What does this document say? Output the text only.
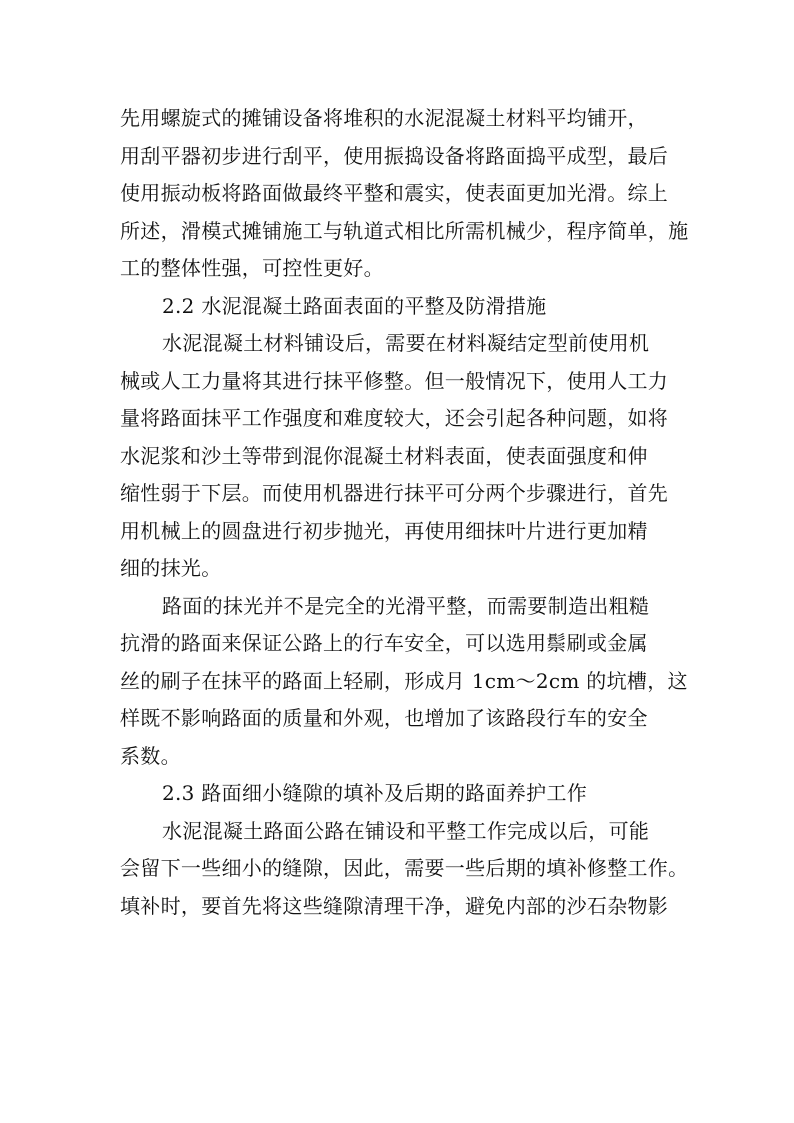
先用螺旋式的摊铺设备将堆积的水泥混凝土材料平均铺开，
用刮平器初步进行刮平，使用振捣设备将路面捣平成型，最后
使用振动板将路面做最终平整和震实，使表面更加光滑。综上
所述，滑模式摊铺施工与轨道式相比所需机械少，程序简单，施
工的整体性强，可控性更好。
2.2 水泥混凝土路面表面的平整及防滑措施
水泥混凝土材料铺设后，需要在材料凝结定型前使用机
械或人工力量将其进行抹平修整。但一般情况下，使用人工力
量将路面抹平工作强度和难度较大，还会引起各种问题，如将
水泥浆和沙土等带到混你混凝土材料表面，使表面强度和伸
缩性弱于下层。而使用机器进行抹平可分两个步骤进行，首先
用机械上的圆盘进行初步抛光，再使用细抹叶片进行更加精
细的抹光。
路面的抹光并不是完全的光滑平整，而需要制造出粗糙
抗滑的路面来保证公路上的行车安全，可以选用鬃刷或金属
丝的刷子在抹平的路面上轻刷，形成月 1cm～2cm 的坑槽，这
样既不影响路面的质量和外观，也增加了该路段行车的安全
系数。
2.3 路面细小缝隙的填补及后期的路面养护工作
水泥混凝土路面公路在铺设和平整工作完成以后，可能
会留下一些细小的缝隙，因此，需要一些后期的填补修整工作。
填补时，要首先将这些缝隙清理干净，避免内部的沙石杂物影
